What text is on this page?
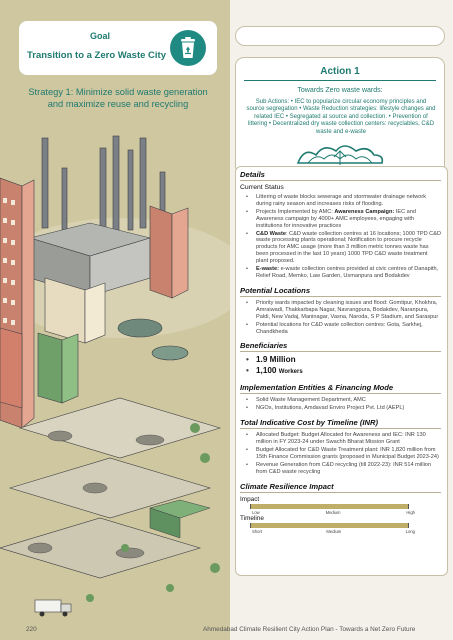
Goal
Transition to a Zero Waste City
Strategy 1: Minimize solid waste generation and maximize reuse and recycling
Action 1
Towards Zero waste wards:
Sub Actions: • IEC to popularize circular economy principles and source segregation • Waste Reduction strategies: lifestyle changes and related IEC • Segregated at source and collection. • Prevention of littering • Decentralized dry waste collection centers: recyclables, C&D waste and e-waste
Details
Current Status
• Littering of waste blocks sewerage and stormwater drainage network during rainy season and increases risks of flooding.
• Projects Implemented by AMC: Awareness Campaign: IEC and Awareness campaign by 4000+ AMC employees, engaging with institutions for innovative practices
• C&D Waste: C&D waste collection centres at 16 locations; 1000 TPD C&D waste processing plants operational; Notification to procure recycle products for AMC usage (more than 3 million metric tonnes waste has been processed in the last 10 years) 1000 TPD C&D waste treatment plant proposed.
• E-waste: e-waste collection centres provided at civic centres of Danapith, Relief Road, Memko, Law Garden, Usmanpura and Bodakdev
Potential Locations
• Priority wards impacted by cleaning issues and flood: Gomtipur, Khokhra, Amraiwadi, Thakkarbapa Nagar, Navrangpura, Bodakdev, Naranpura, Paldi, New Vadaj, Maninagar, Vasna, Naroda, S P Stadium, and Saraspur
• Potential locations for C&D waste collection centres: Gota, Sarkhej, Chandkheda
Beneficiaries
• 1.9 Million
• 1,100 Workers
Implementation Entities & Financing Mode
• Solid Waste Management Department, AMC
• NGOs, Institutions, Amdavad Enviro Project Pvt. Ltd (AEPL)
Total Indicative Cost by Timeline (INR)
• Allocated Budget: Budget Allocated for Awareness and IEC: INR 130 million in FY 2023-24 under Swachh Bharat Mission Grant
• Budget Allocated for C&D Waste Treatment plant: INR 1,820 million from 15th Finance Commission grants (proposed in Municipal Budget 2023-24)
• Revenue Generation from C&D recycling (till 2022-23): INR 514 million from C&D waste recycling
Climate Resilience Impact
Impact
Low	Medium	High
Timeline
Short	Medium	Long
220	Ahmedabad Climate Resilient City Action Plan - Towards a Net Zero Future
